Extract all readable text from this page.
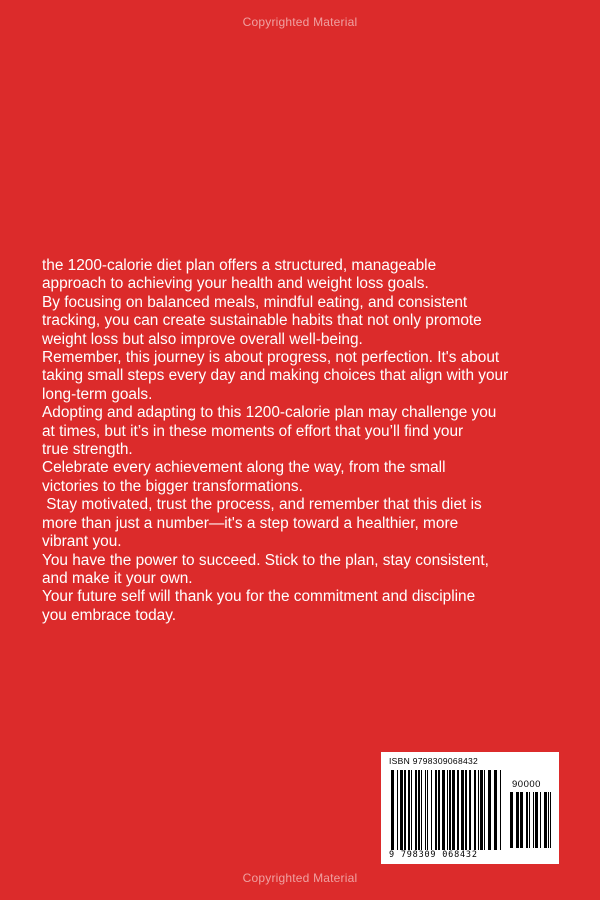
Copyrighted Material

the 1200-calorie diet plan offers a structured, manageable
approach to achieving your health and weight loss goals.

By focusing on balanced meals, mindful eating, and consistent
tracking, you can create sustainable habits that not only promote
weight loss but also improve overall well-being.

Remember, this journey is about progress, not perfection. It's about
taking small steps every day and making choices that align with your
long-term goals.

Adopting and adapting to this 1200-calorie plan may challenge you
at times, but it’s in these moments of effort that you’ll find your
true strength.

Celebrate every achievement along the way, from the small
victories to the bigger transformations.

Stay motivated, trust the process, and remember that this diet is
more than just a number—it's a step toward a healthier, more
vibrant you.

You have the power to succeed. Stick to the plan, stay consistent,
and make it your own.

Your future self will thank you for the commitment and discipline
you embrace today.

ISBN 9798309068432
90000
9 798309 068432
Copyrighted Material
